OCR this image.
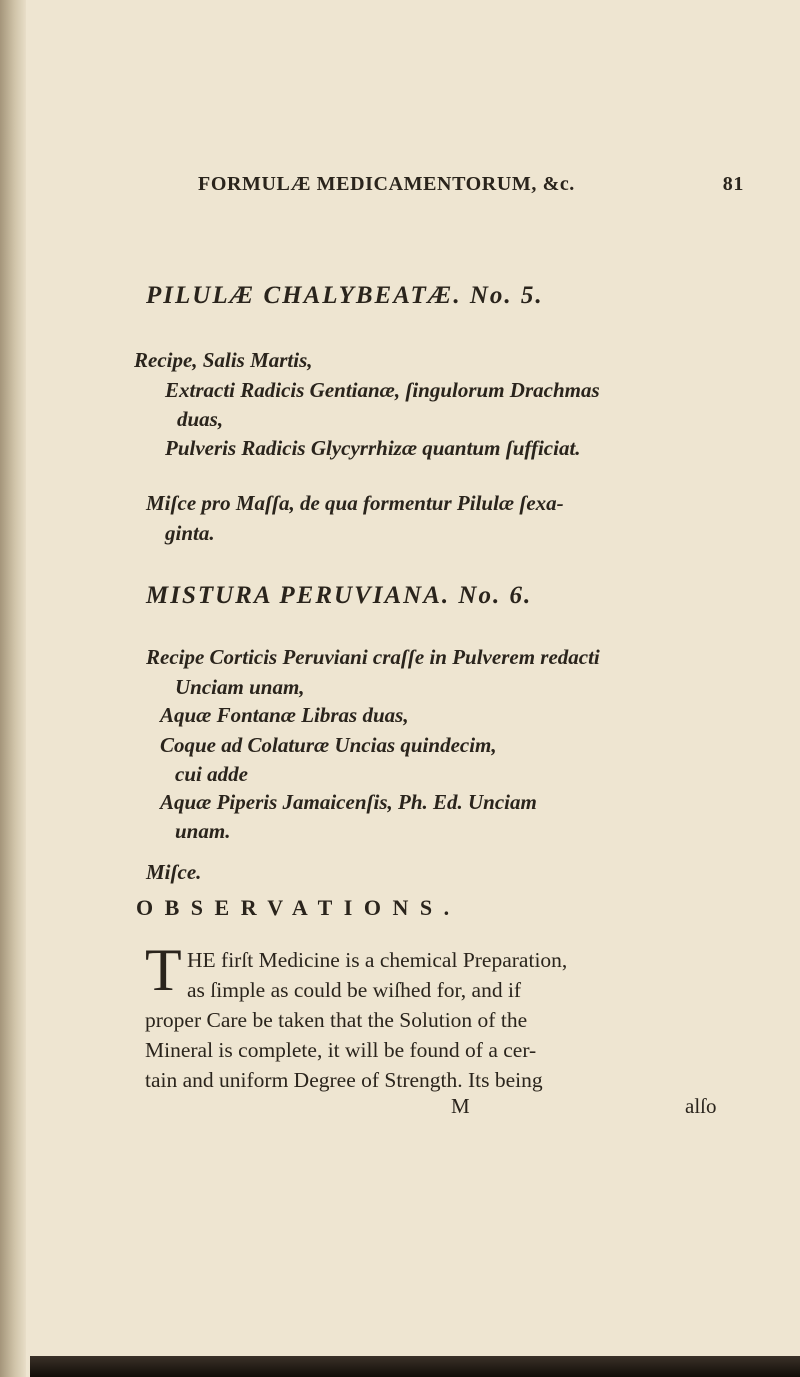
FORMULÆ MEDICAMENTORUM, &c.	81
PILULÆ CHALYBEATÆ. No. 5.
Recipe, Salis Martis,
Extracti Radicis Gentianæ, ſingulorum Drachmas
duas,
Pulveris Radicis Glycyrrhizæ quantum ſufficiat.
Miſce pro Maſſa, de qua formentur Pilulæ ſexa-
ginta.
MISTURA PERUVIANA. No. 6.
Recipe Corticis Peruviani craſſe in Pulverem redacti
Unciam unam,
Aquæ Fontanæ Libras duas,
Coque ad Colaturæ Uncias quindecim,
cui adde
Aquæ Piperis Jamaicenſis, Ph. Ed. Unciam
unam.
Miſce.
OBSERVATIONS.
T HE firſt Medicine is a chemical Preparation,
as ſimple as could be wiſhed for, and if
proper Care be taken that the Solution of the
Mineral is complete, it will be found of a cer-
tain and uniform Degree of Strength. Its being
M	alſo
